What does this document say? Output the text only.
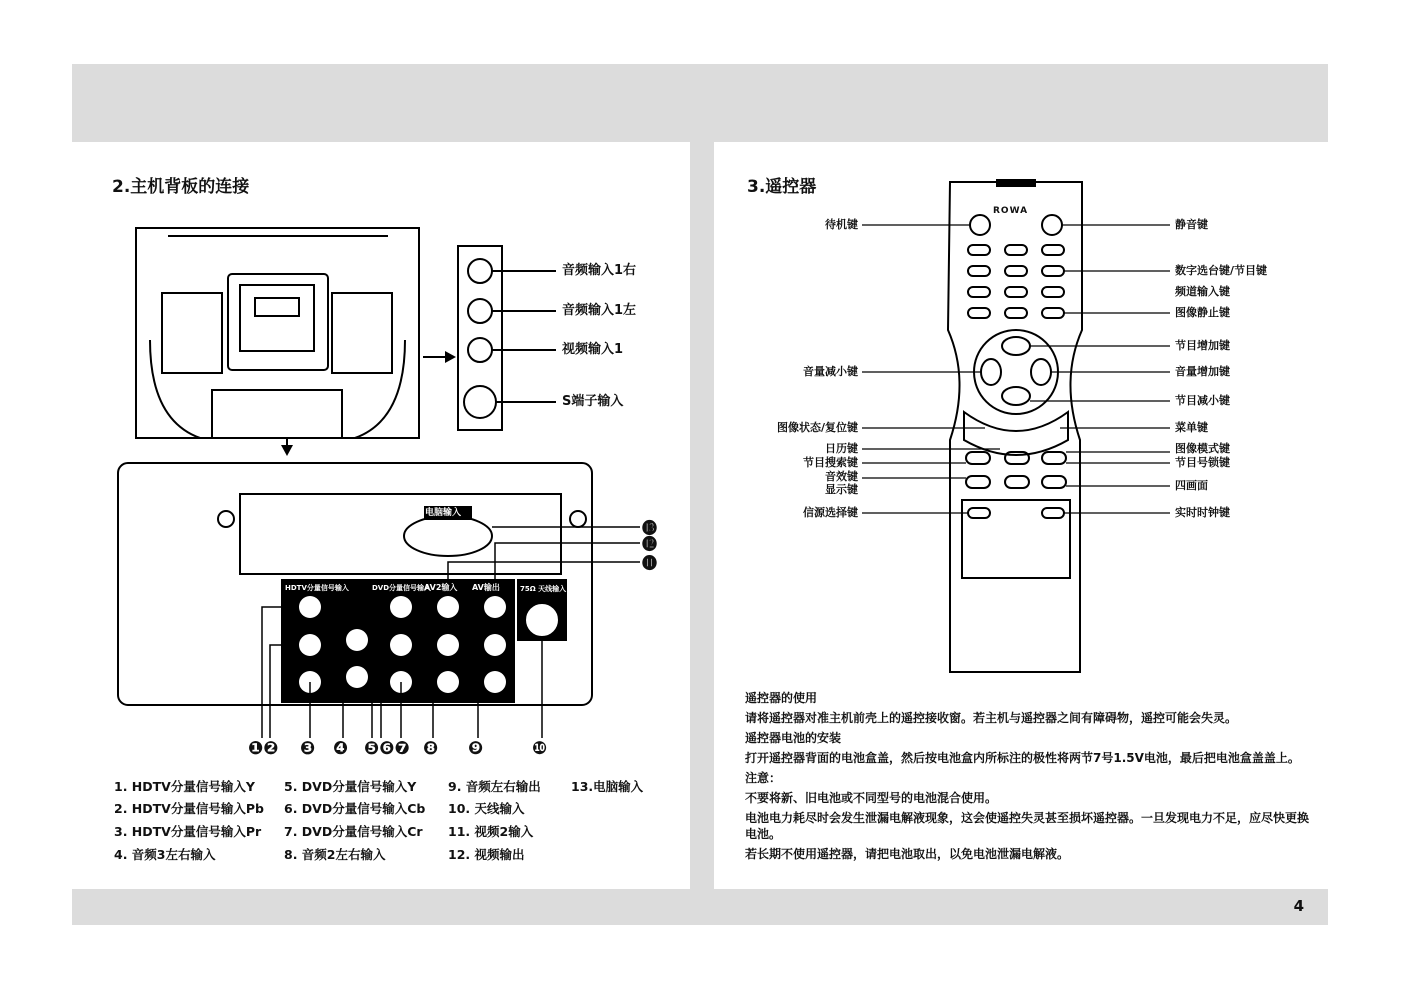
4
2.主机背板的连接
音频输入1右
音频输入1左
视频输入1
S端子输入
电脑输入
HDTV分量信号输入	DVD分量信号输入
AV2输入 AV输出	75Ω 天线输入
❶❷ ❸ ❹ ❺❻❼ ❽ ❾	❿
⓭
⓬
⓫
1. HDTV分量信号输入Y
2. HDTV分量信号输入Pb
3. HDTV分量信号输入Pr
4. 音频3左右输入
5. DVD分量信号输入Y
6. DVD分量信号输入Cb
7. DVD分量信号输入Cr
8. 音频2左右输入
9. 音频左右输出
10. 天线输入
11. 视频2输入
12. 视频输出
13.电脑输入
3.遥控器
ROWA
待机键
音量减小键
图像状态/复位键
日历键
节目搜索键
音效键
显示键
信源选择键
静音键
数字选台键/节目键
频道输入键
图像静止键
节目增加键
音量增加键
节目减小键
菜单键
图像模式键
节目号锁键
四画面
实时时钟键

遥控器的使用

请将遥控器对准主机前壳上的遥控接收窗。若主机与遥控器之间有障碍物，遥控可能会失灵。

遥控器电池的安装

打开遥控器背面的电池盒盖，然后按电池盒内所标注的极性将两节7号1.5V电池，最后把电池盒盖盖上。

注意：

不要将新、旧电池或不同型号的电池混合使用。

电池电力耗尽时会发生泄漏电解液现象，这会使遥控失灵甚至损坏遥控器。一旦发现电力不足，应尽快更换电池。

若长期不使用遥控器，请把电池取出，以免电池泄漏电解液。
